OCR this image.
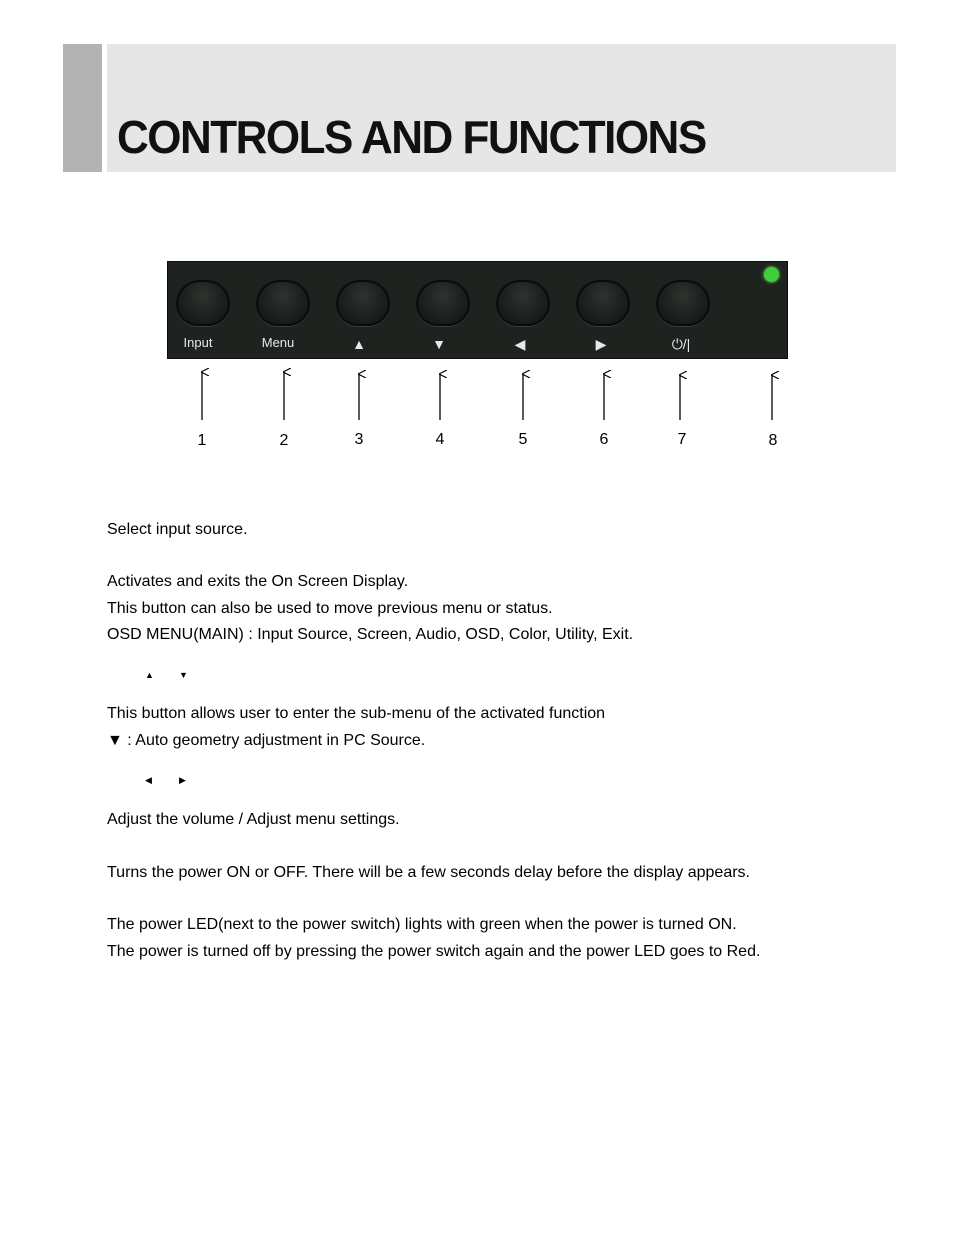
CONTROLS AND FUNCTIONS
Input	Menu	▲	▼	◀	▶	⏻/|
1	2	3	4	5	6	7	8
Select input source.
Activates and exits the On Screen Display.
This button can also be used to move previous menu or status.
OSD MENU(MAIN) : Input Source, Screen, Audio, OSD, Color, Utility, Exit.
▲	▼
This button allows user to enter the sub-menu of the activated function
▼ : Auto geometry adjustment in PC Source.
◀	▶
Adjust the volume / Adjust menu settings.
Turns the power ON or OFF. There will be a few seconds delay before the display appears.
The power LED(next to the power switch) lights with green when the power is turned ON.
The power is turned off by pressing the power switch again and the power LED goes to Red.
